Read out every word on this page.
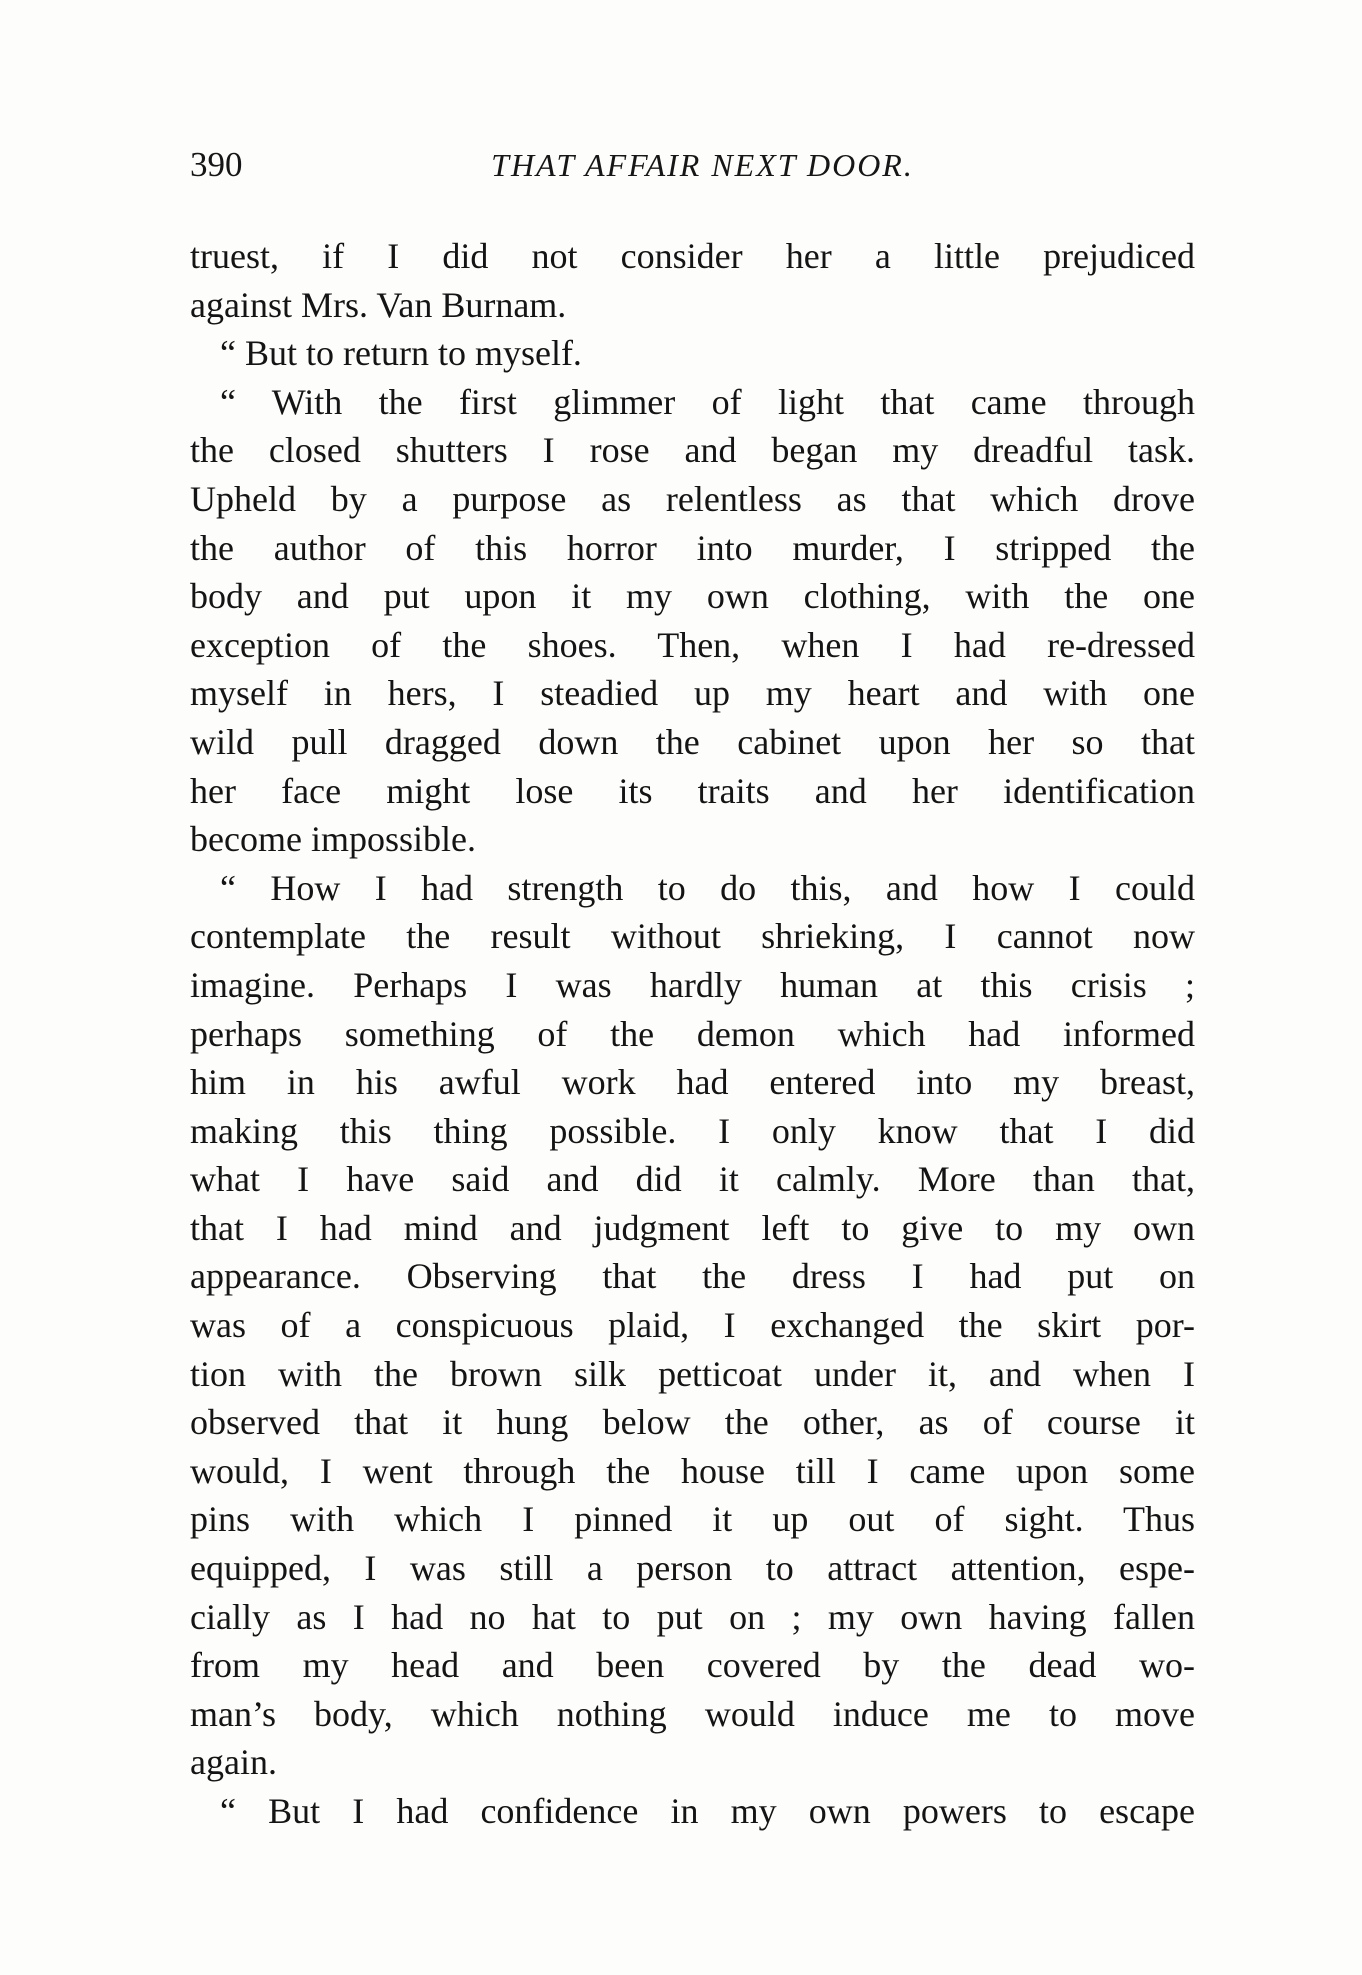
390	THAT AFFAIR NEXT DOOR.
truest, if I did not consider her a little prejudiced
against Mrs. Van Burnam.
“ But to return to myself.
“ With the first glimmer of light that came through
the closed shutters I rose and began my dreadful task.
Upheld by a purpose as relentless as that which drove
the author of this horror into murder, I stripped the
body and put upon it my own clothing, with the one
exception of the shoes. Then, when I had re-dressed
myself in hers, I steadied up my heart and with one
wild pull dragged down the cabinet upon her so that
her face might lose its traits and her identification
become impossible.
“ How I had strength to do this, and how I could
contemplate the result without shrieking, I cannot now
imagine. Perhaps I was hardly human at this crisis ;
perhaps something of the demon which had informed
him in his awful work had entered into my breast,
making this thing possible. I only know that I did
what I have said and did it calmly. More than that,
that I had mind and judgment left to give to my own
appearance. Observing that the dress I had put on
was of a conspicuous plaid, I exchanged the skirt por-
tion with the brown silk petticoat under it, and when I
observed that it hung below the other, as of course it
would, I went through the house till I came upon some
pins with which I pinned it up out of sight. Thus
equipped, I was still a person to attract attention, espe-
cially as I had no hat to put on ; my own having fallen
from my head and been covered by the dead wo-
man’s body, which nothing would induce me to move
again.
“ But I had confidence in my own powers to escape
